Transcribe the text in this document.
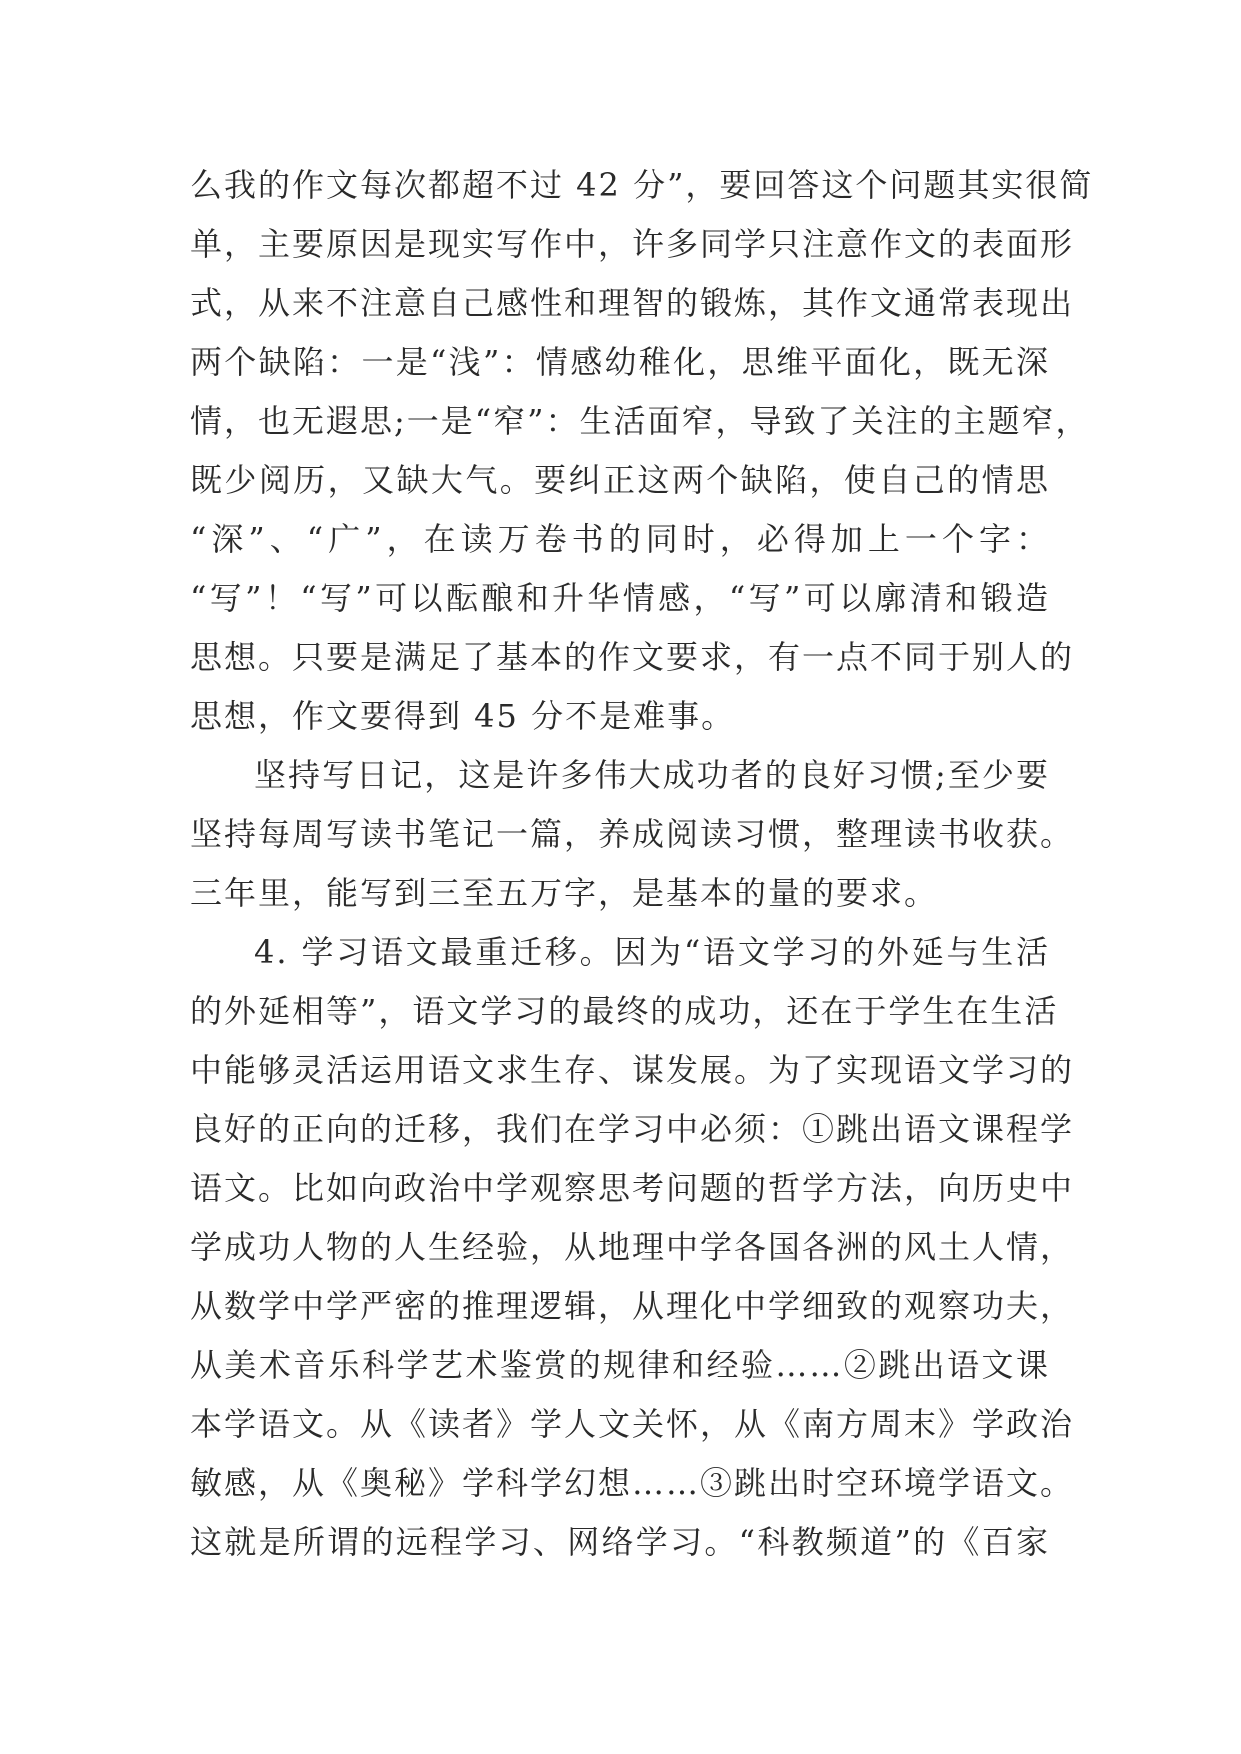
么我的作文每次都超不过 42 分”，要回答这个问题其实很简
单，主要原因是现实写作中，许多同学只注意作文的表面形
式，从来不注意自己感性和理智的锻炼，其作文通常表现出
两个缺陷：一是“浅”：情感幼稚化，思维平面化，既无深
情，也无遐思;一是“窄”：生活面窄，导致了关注的主题窄，
既少阅历，又缺大气。要纠正这两个缺陷，使自己的情思
“深”、“广”，在读万卷书的同时，必得加上一个字：
“写”！“写”可以酝酿和升华情感，“写”可以廓清和锻造
思想。只要是满足了基本的作文要求，有一点不同于别人的
思想，作文要得到 45 分不是难事。
坚持写日记，这是许多伟大成功者的良好习惯;至少要
坚持每周写读书笔记一篇，养成阅读习惯，整理读书收获。
三年里，能写到三至五万字，是基本的量的要求。
4. 学习语文最重迁移。因为“语文学习的外延与生活
的外延相等”，语文学习的最终的成功，还在于学生在生活
中能够灵活运用语文求生存、谋发展。为了实现语文学习的
良好的正向的迁移，我们在学习中必须：①跳出语文课程学
语文。比如向政治中学观察思考问题的哲学方法，向历史中
学成功人物的人生经验，从地理中学各国各洲的风土人情，
从数学中学严密的推理逻辑，从理化中学细致的观察功夫，
从美术音乐科学艺术鉴赏的规律和经验……②跳出语文课
本学语文。从《读者》学人文关怀，从《南方周末》学政治
敏感，从《奥秘》学科学幻想……③跳出时空环境学语文。
这就是所谓的远程学习、网络学习。“科教频道”的《百家
